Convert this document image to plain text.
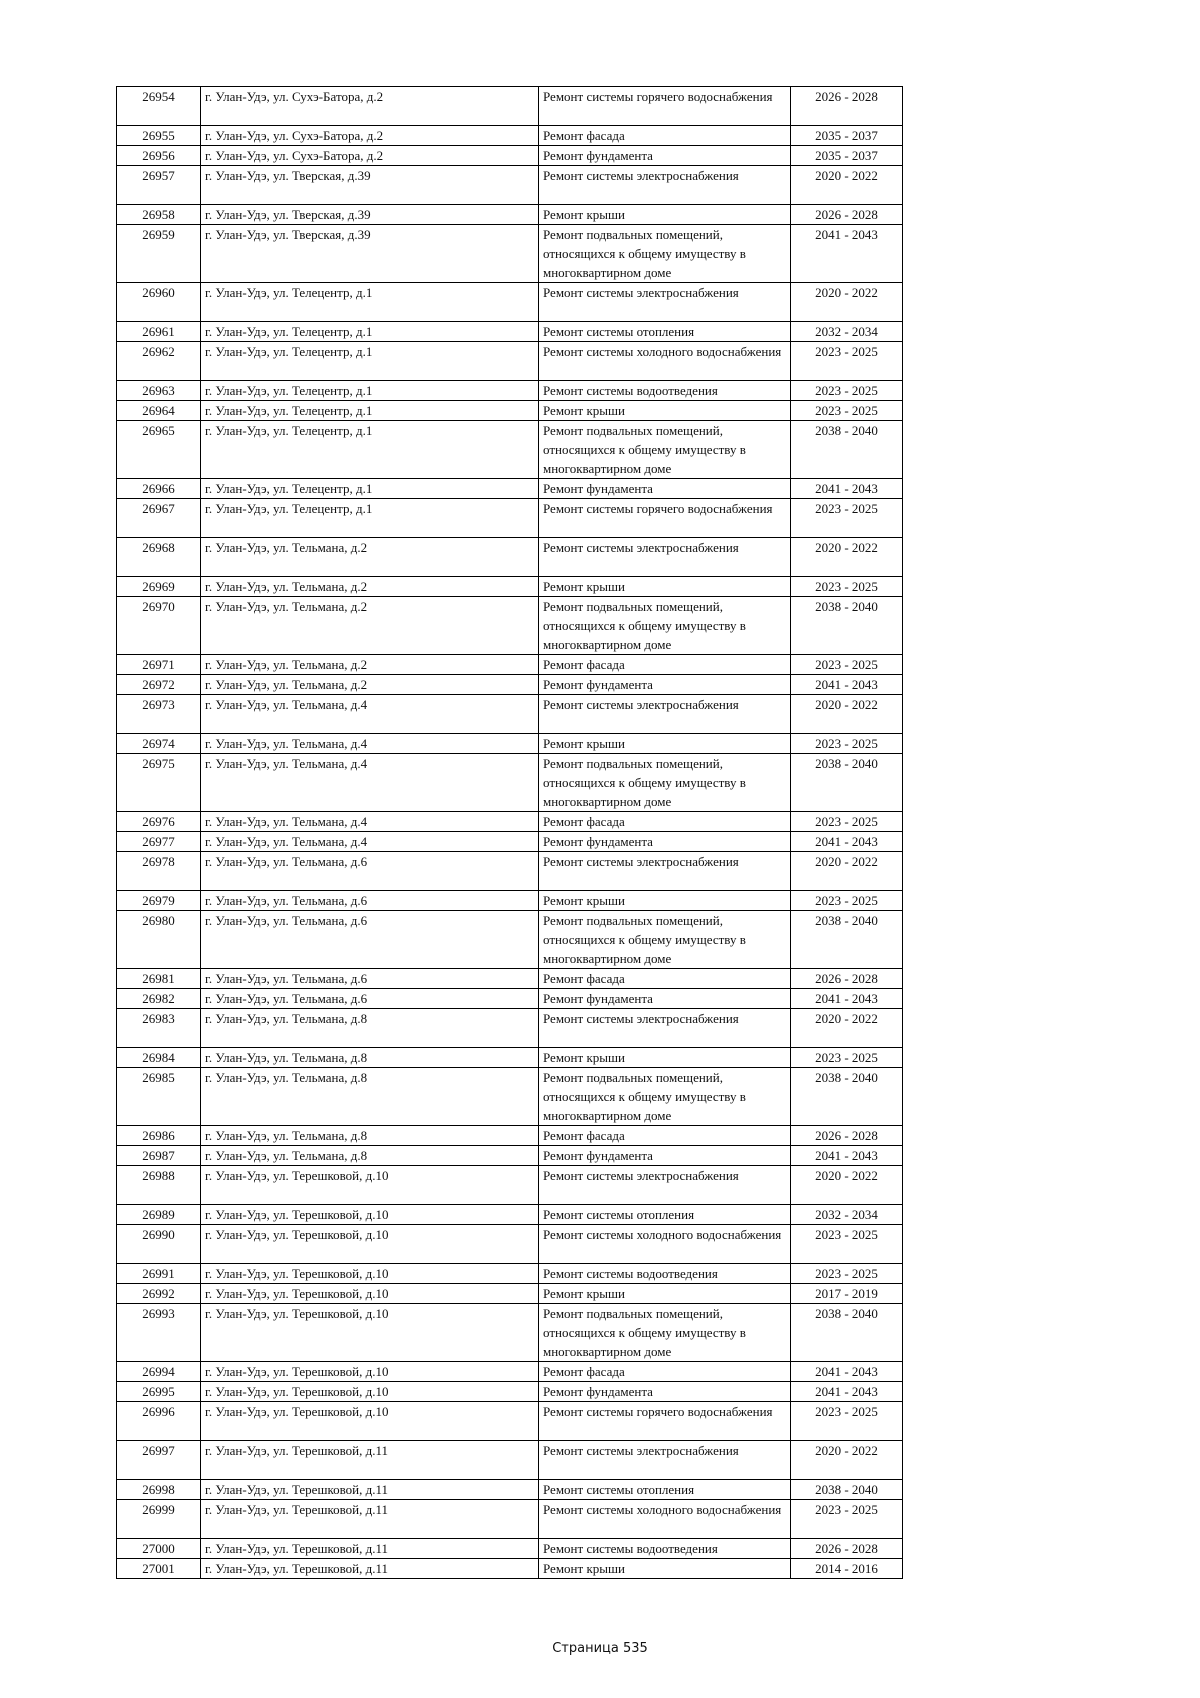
26954	г. Улан-Удэ, ул. Сухэ-Батора, д.2	Ремонт системы горячего водоснабжения	2026 - 2028
26955	г. Улан-Удэ, ул. Сухэ-Батора, д.2	Ремонт фасада	2035 - 2037
26956	г. Улан-Удэ, ул. Сухэ-Батора, д.2	Ремонт фундамента	2035 - 2037
26957	г. Улан-Удэ, ул. Тверская, д.39	Ремонт системы электроснабжения	2020 - 2022
26958	г. Улан-Удэ, ул. Тверская, д.39	Ремонт крыши	2026 - 2028
26959	г. Улан-Удэ, ул. Тверская, д.39	Ремонт подвальных помещений, относящихся к общему имуществу в многоквартирном доме	2041 - 2043
26960	г. Улан-Удэ, ул. Телецентр, д.1	Ремонт системы электроснабжения	2020 - 2022
26961	г. Улан-Удэ, ул. Телецентр, д.1	Ремонт системы отопления	2032 - 2034
26962	г. Улан-Удэ, ул. Телецентр, д.1	Ремонт системы холодного водоснабжения	2023 - 2025
26963	г. Улан-Удэ, ул. Телецентр, д.1	Ремонт системы водоотведения	2023 - 2025
26964	г. Улан-Удэ, ул. Телецентр, д.1	Ремонт крыши	2023 - 2025
26965	г. Улан-Удэ, ул. Телецентр, д.1	Ремонт подвальных помещений, относящихся к общему имуществу в многоквартирном доме	2038 - 2040
26966	г. Улан-Удэ, ул. Телецентр, д.1	Ремонт фундамента	2041 - 2043
26967	г. Улан-Удэ, ул. Телецентр, д.1	Ремонт системы горячего водоснабжения	2023 - 2025
26968	г. Улан-Удэ, ул. Тельмана, д.2	Ремонт системы электроснабжения	2020 - 2022
26969	г. Улан-Удэ, ул. Тельмана, д.2	Ремонт крыши	2023 - 2025
26970	г. Улан-Удэ, ул. Тельмана, д.2	Ремонт подвальных помещений, относящихся к общему имуществу в многоквартирном доме	2038 - 2040
26971	г. Улан-Удэ, ул. Тельмана, д.2	Ремонт фасада	2023 - 2025
26972	г. Улан-Удэ, ул. Тельмана, д.2	Ремонт фундамента	2041 - 2043
26973	г. Улан-Удэ, ул. Тельмана, д.4	Ремонт системы электроснабжения	2020 - 2022
26974	г. Улан-Удэ, ул. Тельмана, д.4	Ремонт крыши	2023 - 2025
26975	г. Улан-Удэ, ул. Тельмана, д.4	Ремонт подвальных помещений, относящихся к общему имуществу в многоквартирном доме	2038 - 2040
26976	г. Улан-Удэ, ул. Тельмана, д.4	Ремонт фасада	2023 - 2025
26977	г. Улан-Удэ, ул. Тельмана, д.4	Ремонт фундамента	2041 - 2043
26978	г. Улан-Удэ, ул. Тельмана, д.6	Ремонт системы электроснабжения	2020 - 2022
26979	г. Улан-Удэ, ул. Тельмана, д.6	Ремонт крыши	2023 - 2025
26980	г. Улан-Удэ, ул. Тельмана, д.6	Ремонт подвальных помещений, относящихся к общему имуществу в многоквартирном доме	2038 - 2040
26981	г. Улан-Удэ, ул. Тельмана, д.6	Ремонт фасада	2026 - 2028
26982	г. Улан-Удэ, ул. Тельмана, д.6	Ремонт фундамента	2041 - 2043
26983	г. Улан-Удэ, ул. Тельмана, д.8	Ремонт системы электроснабжения	2020 - 2022
26984	г. Улан-Удэ, ул. Тельмана, д.8	Ремонт крыши	2023 - 2025
26985	г. Улан-Удэ, ул. Тельмана, д.8	Ремонт подвальных помещений, относящихся к общему имуществу в многоквартирном доме	2038 - 2040
26986	г. Улан-Удэ, ул. Тельмана, д.8	Ремонт фасада	2026 - 2028
26987	г. Улан-Удэ, ул. Тельмана, д.8	Ремонт фундамента	2041 - 2043
26988	г. Улан-Удэ, ул. Терешковой, д.10	Ремонт системы электроснабжения	2020 - 2022
26989	г. Улан-Удэ, ул. Терешковой, д.10	Ремонт системы отопления	2032 - 2034
26990	г. Улан-Удэ, ул. Терешковой, д.10	Ремонт системы холодного водоснабжения	2023 - 2025
26991	г. Улан-Удэ, ул. Терешковой, д.10	Ремонт системы водоотведения	2023 - 2025
26992	г. Улан-Удэ, ул. Терешковой, д.10	Ремонт крыши	2017 - 2019
26993	г. Улан-Удэ, ул. Терешковой, д.10	Ремонт подвальных помещений, относящихся к общему имуществу в многоквартирном доме	2038 - 2040
26994	г. Улан-Удэ, ул. Терешковой, д.10	Ремонт фасада	2041 - 2043
26995	г. Улан-Удэ, ул. Терешковой, д.10	Ремонт фундамента	2041 - 2043
26996	г. Улан-Удэ, ул. Терешковой, д.10	Ремонт системы горячего водоснабжения	2023 - 2025
26997	г. Улан-Удэ, ул. Терешковой, д.11	Ремонт системы электроснабжения	2020 - 2022
26998	г. Улан-Удэ, ул. Терешковой, д.11	Ремонт системы отопления	2038 - 2040
26999	г. Улан-Удэ, ул. Терешковой, д.11	Ремонт системы холодного водоснабжения	2023 - 2025
27000	г. Улан-Удэ, ул. Терешковой, д.11	Ремонт системы водоотведения	2026 - 2028
27001	г. Улан-Удэ, ул. Терешковой, д.11	Ремонт крыши	2014 - 2016
Страница 535
